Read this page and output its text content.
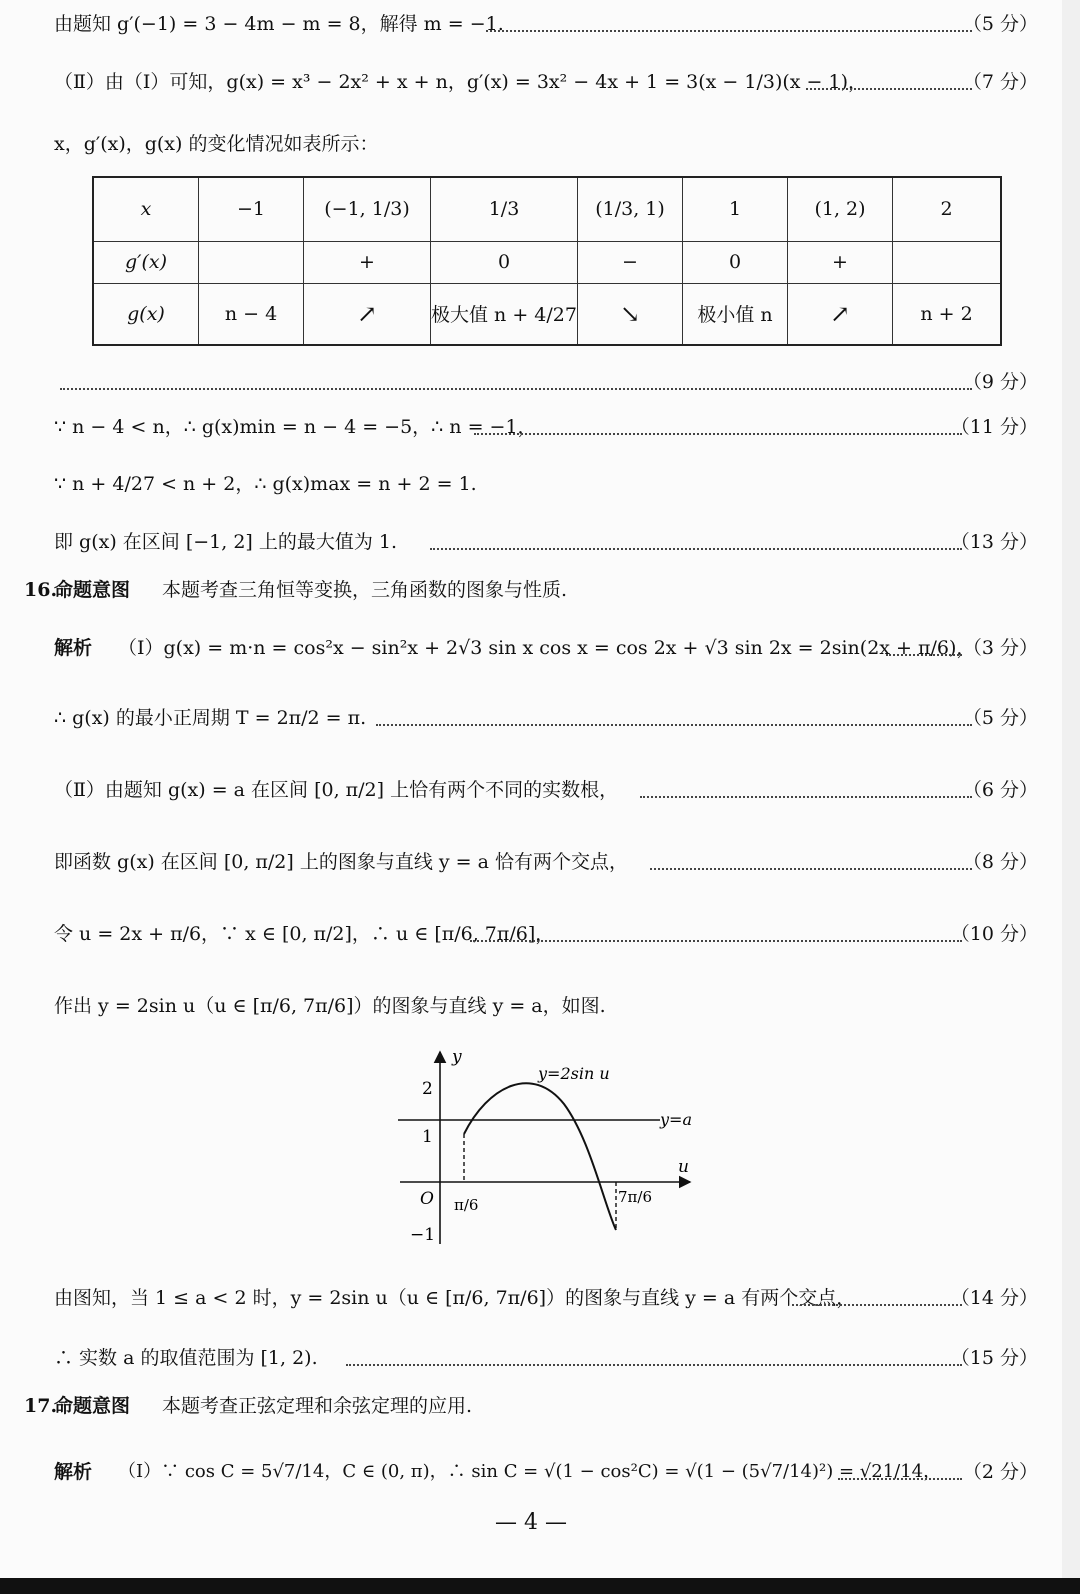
由题知 g′(−1) = 3 − 4m − m = 8，解得 m = −1.	（5 分）
（Ⅱ）由（Ⅰ）可知，g(x) = x³ − 2x² + x + n，g′(x) = 3x² − 4x + 1 = 3(x − 1/3)(x − 1)，	（7 分）
x，g′(x)，g(x) 的变化情况如表所示：
x	−1	(−1, 1/3)	1/3	(1/3, 1)	1	(1, 2)	2
g′(x)		+	0	−	0	+	
g(x)	n − 4	↗	极大值 n + 4/27	↘	极小值 n	↗	n + 2
（9 分）
∵ n − 4 < n，∴ g(x)min = n − 4 = −5，∴ n = −1，	（11 分）
∵ n + 4/27 < n + 2，∴ g(x)max = n + 2 = 1.
即 g(x) 在区间 [−1, 2] 上的最大值为 1.	（13 分）
16.
命题意图 本题考查三角恒等变换，三角函数的图象与性质.
解析 （Ⅰ）g(x) = m·n = cos²x − sin²x + 2√3 sin x cos x = cos 2x + √3 sin 2x = 2sin(2x + π/6)，
（3 分）
∴ g(x) 的最小正周期 T = 2π/2 = π.	（5 分）
（Ⅱ）由题知 g(x) = a 在区间 [0, π/2] 上恰有两个不同的实数根，	（6 分）
即函数 g(x) 在区间 [0, π/2] 上的图象与直线 y = a 恰有两个交点，	（8 分）
令 u = 2x + π/6，∵ x ∈ [0, π/2]，∴ u ∈ [π/6, 7π/6]，	（10 分）
作出 y = 2sin u（u ∈ [π/6, 7π/6]）的图象与直线 y = a，如图.
y
u
O
y=2sin u
y=a
2
1
−1
π/6	7π/6
由图知，当 1 ≤ a < 2 时，y = 2sin u（u ∈ [π/6, 7π/6]）的图象与直线 y = a 有两个交点，	（14 分）
∴ 实数 a 的取值范围为 [1, 2).	（15 分）
17.
命题意图 本题考查正弦定理和余弦定理的应用.
解析 （Ⅰ）∵ cos C = 5√7/14，C ∈ (0, π)，∴ sin C = √(1 − cos²C) = √(1 − (5√7/14)²) = √21/14， （2 分）
— 4 —
